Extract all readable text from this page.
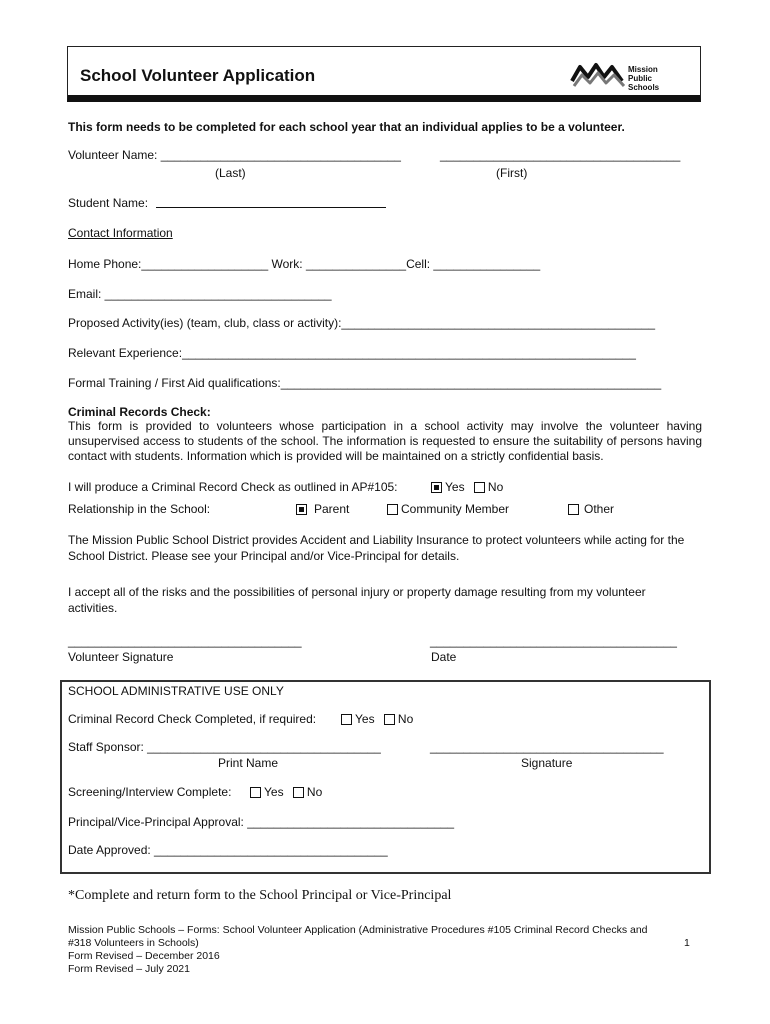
School Volunteer Application	Mission
Public Schools
This form needs to be completed for each school year that an individual applies to be a volunteer.
Volunteer Name: ____________________________________	____________________________________
(Last)	(First)
Student Name:
Contact Information
Home Phone:___________________ Work: _______________Cell: ________________
Email: __________________________________
Proposed Activity(ies) (team, club, class or activity):_______________________________________________
Relevant Experience:____________________________________________________________________
Formal Training / First Aid qualifications:_________________________________________________________
Criminal Records Check:
This form is provided to volunteers whose participation in a school activity may involve the volunteer having unsupervised access to students of the school. The information is requested to ensure the suitability of persons having contact with students. Information which is provided will be maintained on a strictly confidential basis.
I will produce a Criminal Record Check as outlined in AP#105:	Yes No
Relationship in the School:	Parent	Community Member	Other
The Mission Public School District provides Accident and Liability Insurance to protect volunteers while acting for the School District. Please see your Principal and/or Vice-Principal for details.
I accept all of the risks and the possibilities of personal injury or property damage resulting from my volunteer activities.
___________________________________	_____________________________________
Volunteer Signature	Date
SCHOOL ADMINISTRATIVE USE ONLY
Criminal Record Check Completed, if required:	Yes No
Staff Sponsor: ___________________________________	___________________________________
Print Name	Signature
Screening/Interview Complete:	Yes No
Principal/Vice-Principal Approval: _______________________________
Date Approved: ___________________________________
*Complete and return form to the School Principal or Vice-Principal
Mission Public Schools – Forms: School Volunteer Application (Administrative Procedures #105 Criminal Record Checks and
#318 Volunteers in Schools)	1
Form Revised – December 2016
Form Revised – July 2021
